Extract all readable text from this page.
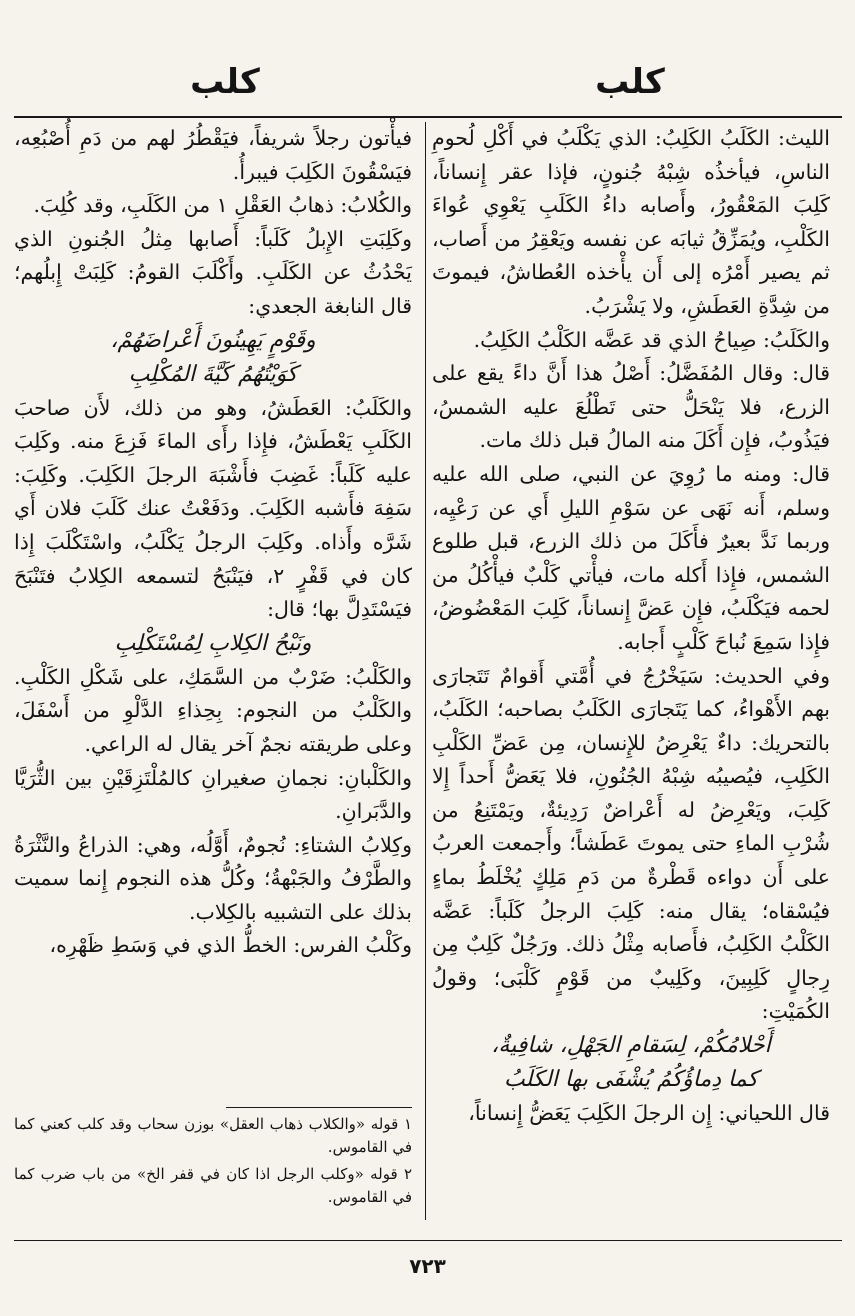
كلب
كلب

الليث: الكَلَبُ الكَلِبُ: الذي يَكْلَبُ في أَكْلِ لُحومِ الناسِ، فيأخذُه شِبْهُ جُنونٍ، فإذا عقر إِنساناً، كَلِبَ المَعْقُورُ، وأَصابه داءُ الكَلَبِ يَعْوِي عُواءَ الكَلْبِ، ويُمَزِّقُ ثيابَه عن نفسه ويَعْقِرُ من أَصاب، ثم يصير أَمْرُه إلى أَن يأْخذه العُطاشُ، فيموتَ من شِدَّةِ العَطَشِ، ولا يَشْرَبُ.

والكَلَبُ: صِياحُ الذي قد عَضَّه الكَلْبُ الكَلِبُ.

قال: وقال المُفَضَّلُ: أَصْلُ هذا أَنَّ داءً يقع على الزرع، فلا يَنْحَلُّ حتى تَطْلُعَ عليه الشمسُ، فيَذُوبُ، فإِن أَكَلَ منه المالُ قبل ذلك مات.

قال: ومنه ما رُوِيَ عن النبي، صلى الله عليه وسلم، أَنه نَهَى عن سَوْمِ الليلِ أَي عن رَعْيِه، وربما نَدَّ بعيرٌ فأَكَلَ من ذلك الزرع، قبل طلوع الشمس، فإِذا أَكله مات، فيأْتي كَلْبٌ فيأْكُلُ من لحمه فيَكْلَبُ، فإِن عَضَّ إِنساناً، كَلِبَ المَعْضُوضُ، فإِذا سَمِعَ نُباحَ كَلْبٍ أَجابه.

وفي الحديث: سَيَخْرُجُ في أُمَّتي أَقوامٌ تَتَجارَى بهم الأَهْواءُ، كما يَتَجارَى الكَلَبُ بصاحبه؛ الكَلَبُ، بالتحريك: داءٌ يَعْرِضُ للإِنسان، مِن عَضِّ الكَلْبِ الكَلِبِ، فيُصيبُه شِبْهُ الجُنُونِ، فلا يَعَضُّ أَحداً إِلا كَلِبَ، ويَعْرِضُ له أَعْراضٌ رَدِيئةٌ، ويَمْتَنِعُ من شُرْبِ الماءِ حتى يموتَ عَطَشاً؛ وأَجمعت العربُ على أَن دواءه قَطْرةٌ من دَمِ مَلِكٍ يُخْلَطُ بماءٍ فيُسْقاه؛ يقال منه: كَلِبَ الرجلُ كَلَباً: عَضَّه الكَلْبُ الكَلِبُ، فأَصابه مِثْلُ ذلك. ورَجُلٌ كَلِبٌ مِن رِجالٍ كَلِبِينَ، وكَلِيبٌ من قَوْمٍ كَلْبَى؛ وقولُ الكُمَيْتِ:

أَحْلامُكُمْ، لِسَقامِ الجَهْلِ، شافِيةٌ،

كما دِماؤُكُمُ يُشْفَى بها الكَلَبُ

قال اللحياني: إِن الرجلَ الكَلِبَ يَعَضُّ إِنساناً،

فيأْتون رجلاً شريفاً، فيَقْطُرُ لهم من دَمِ أُصْبُعِه، فيَسْقُونَ الكَلِبَ فيبرأُ.

والكُلابُ: ذهابُ العَقْلِ ١ من الكَلَبِ، وقد كُلِبَ.

وكَلِبَتِ الإِبلُ كَلَباً: أَصابها مِثلُ الجُنونِ الذي يَحْدُثُ عن الكَلَبِ. وأَكْلَبَ القومُ: كَلِبَتْ إِبلُهم؛ قال النابغة الجعدي:

وقَوْمٍ يَهِينُونَ أَعْراضَهُمْ،

كَوَيْتُهُمُ كَيَّةَ المُكْلِبِ

والكَلَبُ: العَطَشُ، وهو من ذلك، لأَن صاحبَ الكَلَبِ يَعْطَشُ، فإِذا رأَى الماءَ فَزِعَ منه. وكَلِبَ عليه كَلَباً: غَضِبَ فأَشْبَهَ الرجلَ الكَلِبَ. وكَلِبَ: سَفِهَ فأَشبه الكَلِبَ. ودَفَعْتُ عنك كَلَبَ فلان أَي شَرَّه وأَذاه. وكَلِبَ الرجلُ يَكْلَبُ، واسْتَكْلَبَ إِذا كان في قَفْرٍ ٢، فيَنْبَحُ لتسمعه الكِلابُ فتَنْبَحَ فيَسْتَدِلَّ بها؛ قال:

ونَبْحُ الكِلابِ لِمُسْتَكْلِبِ

والكَلْبُ: ضَرْبٌ من السَّمَكِ، على شَكْلِ الكَلْبِ. والكَلْبُ من النجوم: بِحِذاءِ الدَّلْوِ من أَسْفَلَ، وعلى طريقته نجمٌ آخر يقال له الراعي.

والكَلْبانِ: نجمانِ صغيرانِ كالمُلْتَزِقَيْنِ بين الثُّرَيَّا والدَّبَرانِ.

وكِلابُ الشتاءِ: نُجومٌ، أَوَّلُه، وهي: الذراعُ والنَّثْرَةُ والطَّرْفُ والجَبْهةُ؛ وكُلُّ هذه النجوم إِنما سميت بذلك على التشبيه بالكِلاب.

وكَلْبُ الفرس: الخطُّ الذي في وَسَطِ ظَهْرِه،

١ قوله «والكلاب ذهاب العقل» بوزن سحاب وقد كلب كعني كما في القاموس.

٢ قوله «وكلب الرجل اذا كان في قفر الخ» من باب ضرب كما في القاموس.

٧٢٣
